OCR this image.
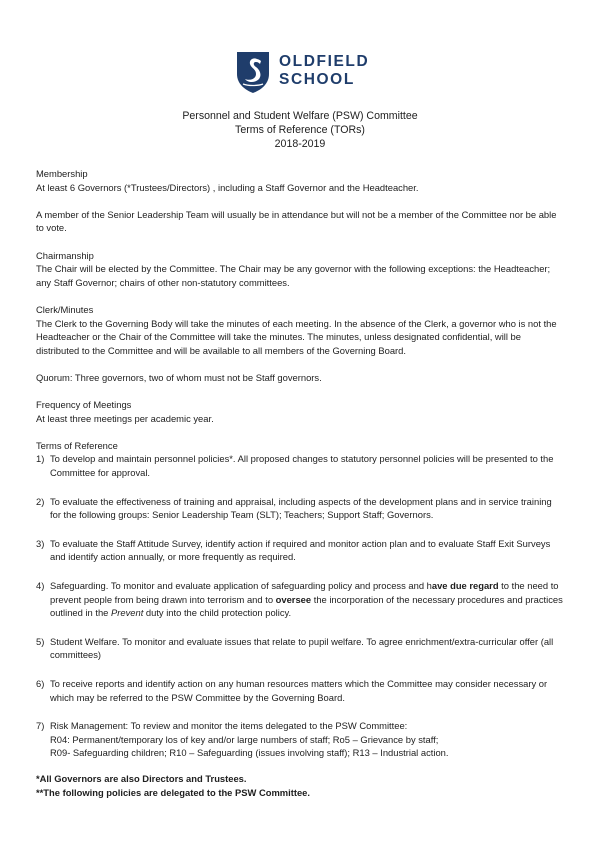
OLDFIELD
SCHOOL
Personnel and Student Welfare (PSW) Committee
Terms of Reference (TORs)
2018-2019

Membership

At least 6 Governors (*Trustees/Directors) , including a Staff Governor and the Headteacher.

A member of the Senior Leadership Team will usually be in attendance but will not be a member of the Committee nor be able to vote.

Chairmanship

The Chair will be elected by the Committee. The Chair may be any governor with the following exceptions: the Headteacher; any Staff Governor; chairs of other non-statutory committees.

Clerk/Minutes

The Clerk to the Governing Body will take the minutes of each meeting. In the absence of the Clerk, a governor who is not the Headteacher or the Chair of the Committee will take the minutes. The minutes, unless designated confidential, will be distributed to the Committee and will be available to all members of the Governing Board.

Quorum: Three governors, two of whom must not be Staff governors.

Frequency of Meetings

At least three meetings per academic year.

Terms of Reference

1) To develop and maintain personnel policies*. All proposed changes to statutory personnel policies will be presented to the Committee for approval.
2) To evaluate the effectiveness of training and appraisal, including aspects of the development plans and in service training for the following groups: Senior Leadership Team (SLT); Teachers; Support Staff; Governors.
3) To evaluate the Staff Attitude Survey, identify action if required and monitor action plan and to evaluate Staff Exit Surveys and identify action annually, or more frequently as required.
4) Safeguarding. To monitor and evaluate application of safeguarding policy and process and have due regard to the need to prevent people from being drawn into terrorism and to oversee the incorporation of the necessary procedures and practices outlined in the Prevent duty into the child protection policy.
5) Student Welfare. To monitor and evaluate issues that relate to pupil welfare. To agree enrichment/extra-curricular offer (all committees)
6) To receive reports and identify action on any human resources matters which the Committee may consider necessary or which may be referred to the PSW Committee by the Governing Board.
7) Risk Management: To review and monitor the items delegated to the PSW Committee:
R04: Permanent/temporary los of key and/or large numbers of staff; Ro5 – Grievance by staff;
R09- Safeguarding children; R10 – Safeguarding (issues involving staff); R13 – Industrial action.

*All Governors are also Directors and Trustees.

**The following policies are delegated to the PSW Committee.
